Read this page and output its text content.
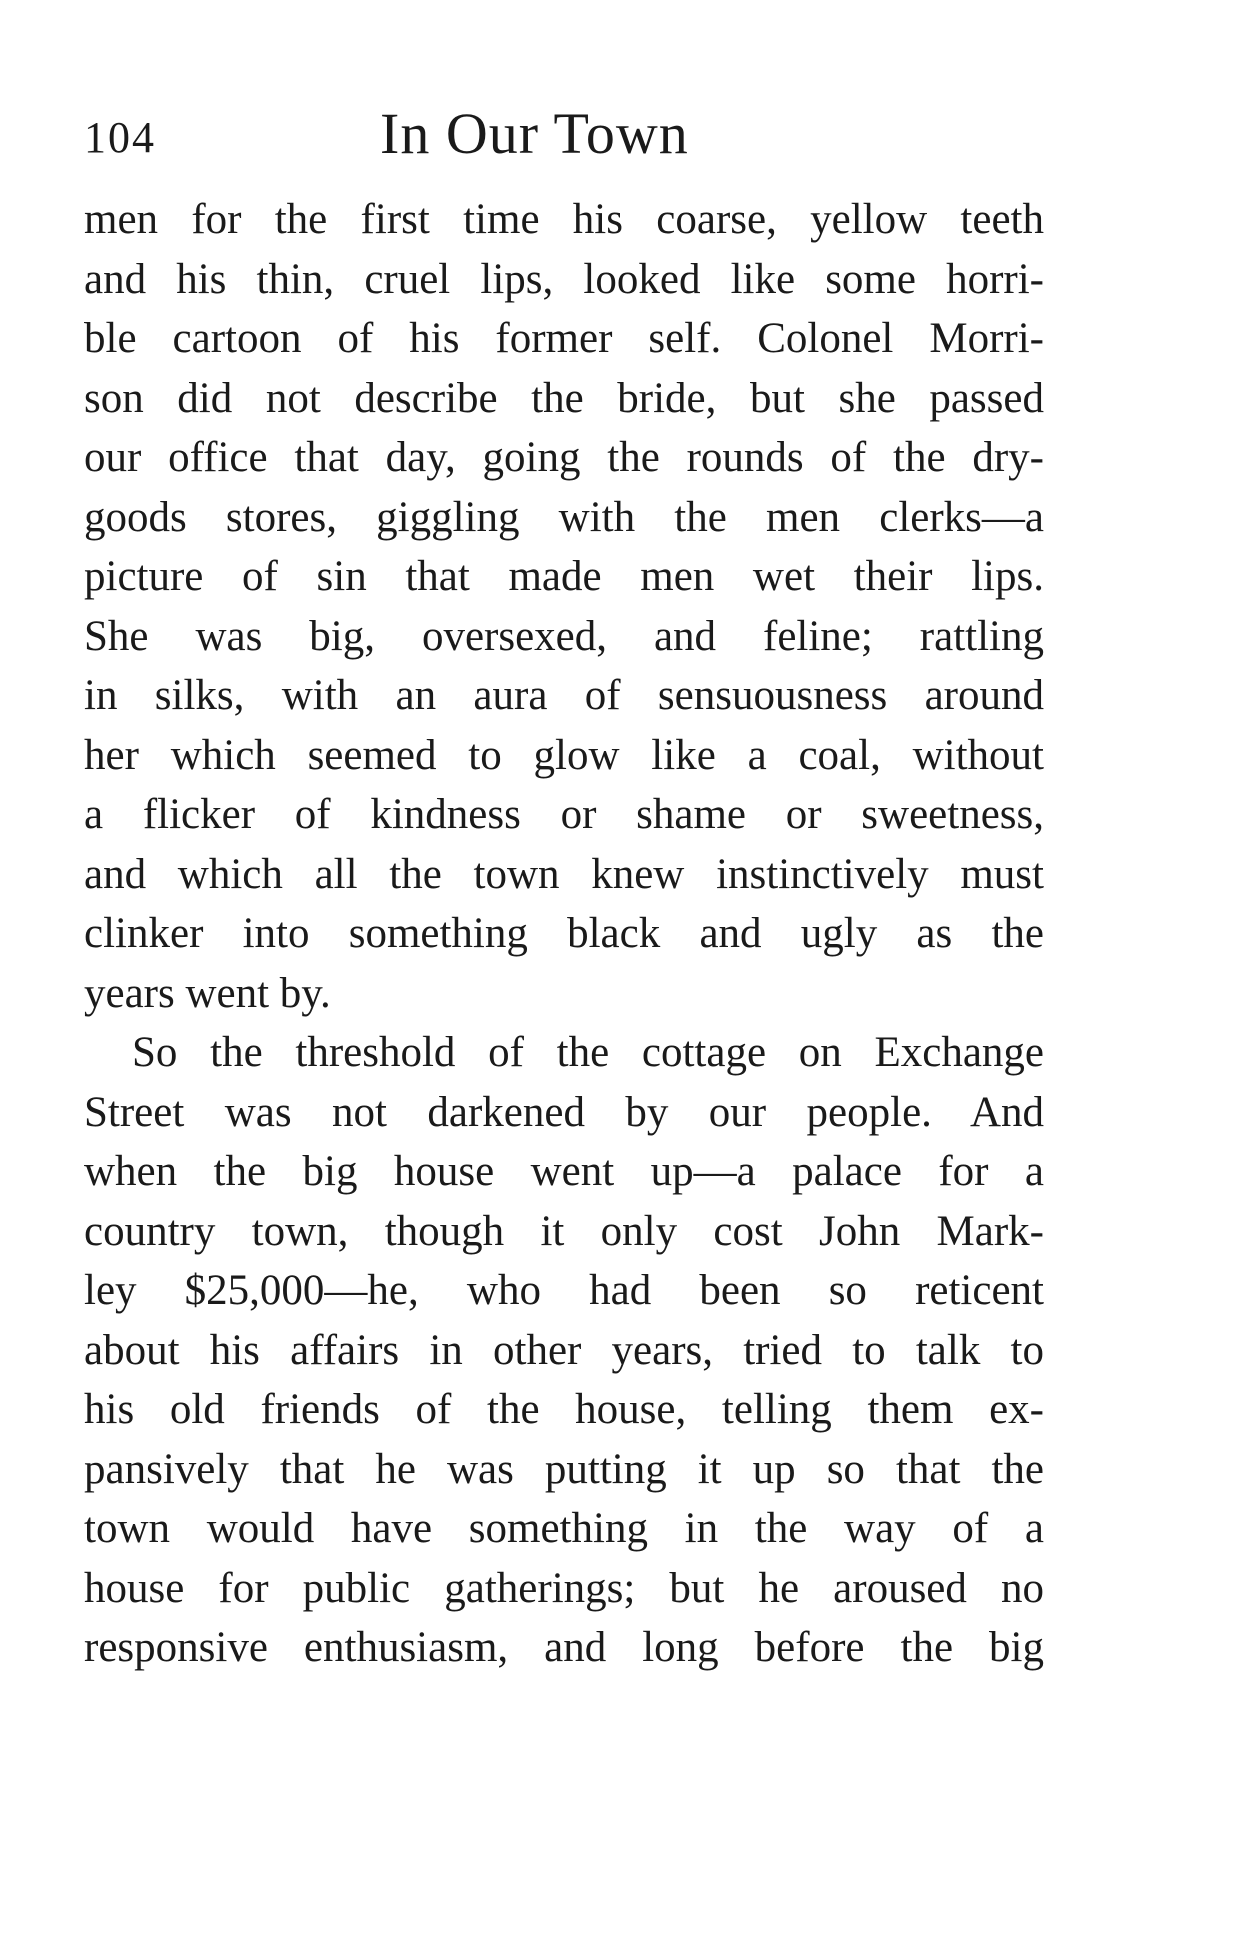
104	In Our Town
men for the first time his coarse, yellow teeth
and his thin, cruel lips, looked like some horri-
ble cartoon of his former self. Colonel Morri-
son did not describe the bride, but she passed
our office that day, going the rounds of the dry-
goods stores, giggling with the men clerks—a
picture of sin that made men wet their lips.
She was big, oversexed, and feline; rattling
in silks, with an aura of sensuousness around
her which seemed to glow like a coal, without
a flicker of kindness or shame or sweetness,
and which all the town knew instinctively must
clinker into something black and ugly as the
years went by.
So the threshold of the cottage on Exchange
Street was not darkened by our people. And
when the big house went up—a palace for a
country town, though it only cost John Mark-
ley $25,000—he, who had been so reticent
about his affairs in other years, tried to talk to
his old friends of the house, telling them ex-
pansively that he was putting it up so that the
town would have something in the way of a
house for public gatherings; but he aroused no
responsive enthusiasm, and long before the big
